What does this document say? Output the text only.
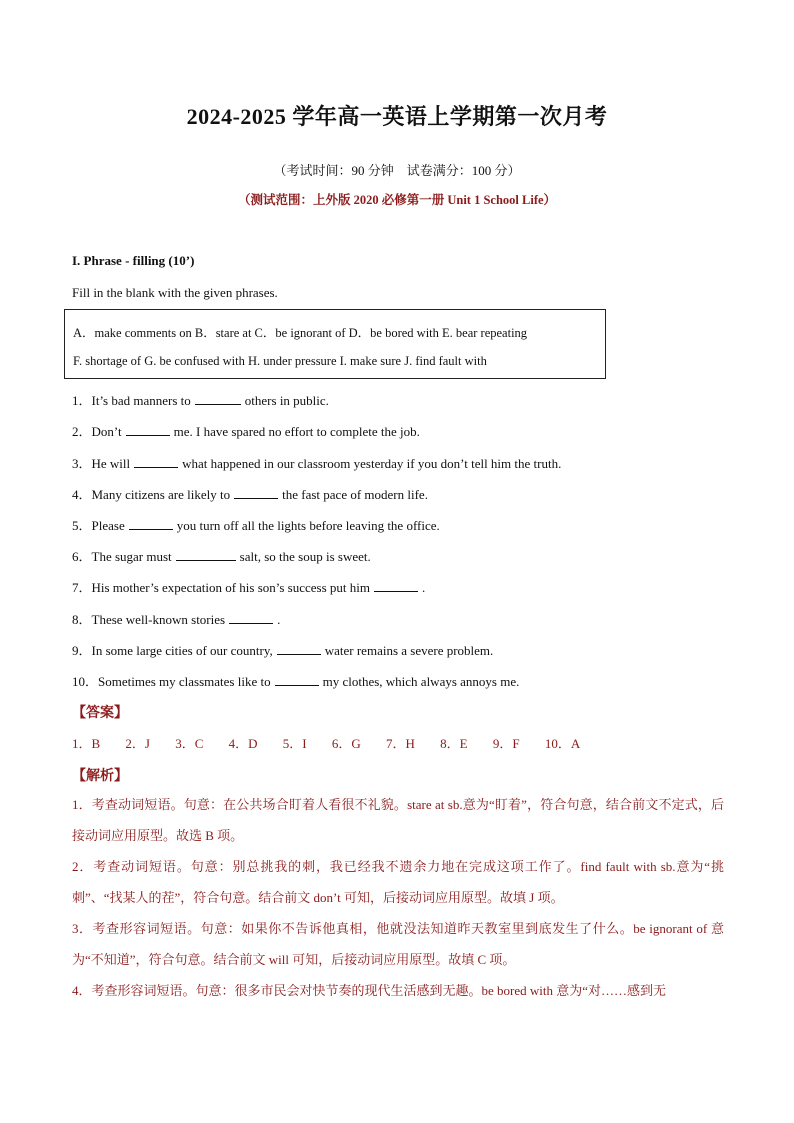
2024-2025 学年高一英语上学期第一次月考
（考试时间：90 分钟　试卷满分：100 分）
（测试范围：上外版 2020 必修第一册 Unit 1 School Life）
I. Phrase - filling (10’)
Fill in the blank with the given phrases.
A．make comments on B．stare at C．be ignorant of D．be bored with E. bear repeating
F. shortage of G. be confused with H. under pressure I. make sure J. find fault with
1．It’s bad manners to	others in public.
2．Don’t	me. I have spared no effort to complete the job.
3．He will	what happened in our classroom yesterday if you don’t tell him the truth.
4．Many citizens are likely to	the fast pace of modern life.
5．Please	you turn off all the lights before leaving the office.
6．The sugar must	salt, so the soup is sweet.
7．His mother’s expectation of his son’s success put him	.
8．These well-known stories	.
9．In some large cities of our country,	water remains a severe problem.
10．Sometimes my classmates like to	my clothes, which always annoys me.
【答案】
1．B 2．J 3．C 4．D 5．I 6．G 7．H 8．E 9．F 10．A
【解析】
1．考查动词短语。句意：在公共场合盯着人看很不礼貌。stare at sb.意为“盯着”，符合句意，结合前文不定式，后接动词应用原型。故选 B 项。
2．考查动词短语。句意：别总挑我的刺，我已经我不遗余力地在完成这项工作了。find fault with sb.意为“挑刺”、“找某人的茬”，符合句意。结合前文 don’t 可知，后接动词应用原型。故填 J 项。
3．考查形容词短语。句意：如果你不告诉他真相，他就没法知道昨天教室里到底发生了什么。be ignorant of 意为“不知道”，符合句意。结合前文 will 可知，后接动词应用原型。故填 C 项。
4．考查形容词短语。句意：很多市民会对快节奏的现代生活感到无趣。be bored with 意为“对……感到无
